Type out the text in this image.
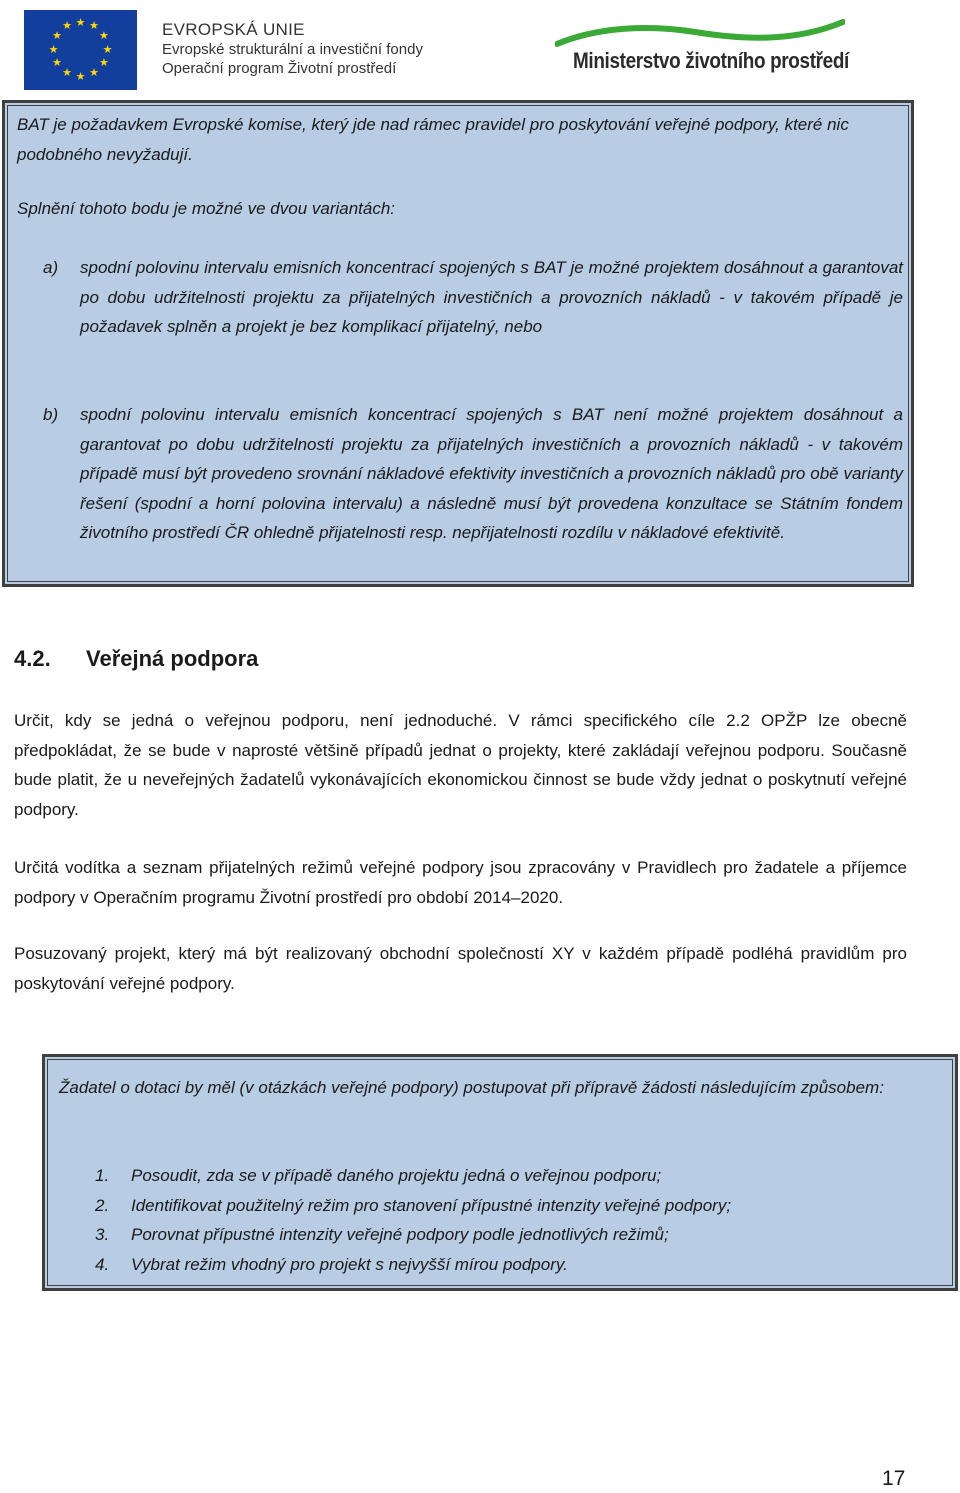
★ ★
★
★
★
★
★
★
★
★
★
★	EVROPSKÁ UNIE
Evropské strukturální a investiční fondy
Operační program Životní prostředí	Ministerstvo životního prostředí
BAT je požadavkem Evropské komise, který jde nad rámec pravidel pro poskytování veřejné podpory, které nic podobného nevyžadují.
Splnění tohoto bodu je možné ve dvou variantách:
a) spodní polovinu intervalu emisních koncentrací spojených s BAT je možné projektem dosáhnout a garantovat po dobu udržitelnosti projektu za přijatelných investičních a provozních nákladů - v takovém případě je požadavek splněn a projekt je bez komplikací přijatelný, nebo
b) spodní polovinu intervalu emisních koncentrací spojených s BAT není možné projektem dosáhnout a garantovat po dobu udržitelnosti projektu za přijatelných investičních a provozních nákladů - v takovém případě musí být provedeno srovnání nákladové efektivity investičních a provozních nákladů pro obě varianty řešení (spodní a horní polovina intervalu) a následně musí být provedena konzultace se Státním fondem životního prostředí ČR ohledně přijatelnosti resp. nepřijatelnosti rozdílu v nákladové efektivitě.
4.2. Veřejná podpora
Určit, kdy se jedná o veřejnou podporu, není jednoduché. V rámci specifického cíle 2.2 OPŽP lze obecně předpokládat, že se bude v naprosté většině případů jednat o projekty, které zakládají veřejnou podporu. Současně bude platit, že u neveřejných žadatelů vykonávajících ekonomickou činnost se bude vždy jednat o poskytnutí veřejné podpory.
Určitá vodítka a seznam přijatelných režimů veřejné podpory jsou zpracovány v Pravidlech pro žadatele a příjemce podpory v Operačním programu Životní prostředí pro období 2014–2020.
Posuzovaný projekt, který má být realizovaný obchodní společností XY v každém případě podléhá pravidlům pro poskytování veřejné podpory.
Žadatel o dotaci by měl (v otázkách veřejné podpory) postupovat při přípravě žádosti následujícím způsobem:
1. Posoudit, zda se v případě daného projektu jedná o veřejnou podporu;
2. Identifikovat použitelný režim pro stanovení přípustné intenzity veřejné podpory;
3. Porovnat přípustné intenzity veřejné podpory podle jednotlivých režimů;
4. Vybrat režim vhodný pro projekt s nejvyšší mírou podpory.
17
